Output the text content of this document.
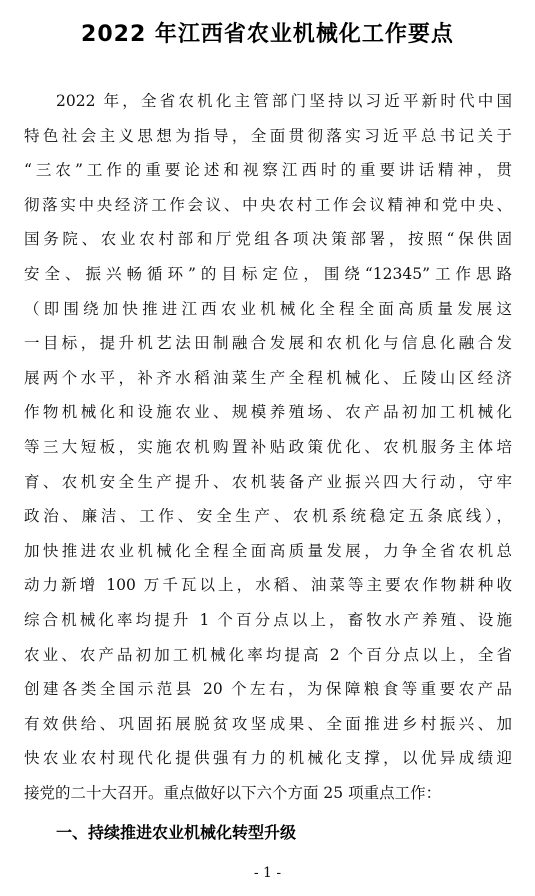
2022 年江西省农业机械化工作要点
2022 年，全省农机化主管部门坚持以习近平新时代中国
特色社会主义思想为指导，全面贯彻落实习近平总书记关于
“三农”工作的重要论述和视察江西时的重要讲话精神，贯
彻落实中央经济工作会议、中央农村工作会议精神和党中央、
国务院、农业农村部和厅党组各项决策部署，按照“保供固
安全、振兴畅循环”的目标定位，围绕“12345”工作思路
（即围绕加快推进江西农业机械化全程全面高质量发展这
一目标，提升机艺法田制融合发展和农机化与信息化融合发
展两个水平，补齐水稻油菜生产全程机械化、丘陵山区经济
作物机械化和设施农业、规模养殖场、农产品初加工机械化
等三大短板，实施农机购置补贴政策优化、农机服务主体培
育、农机安全生产提升、农机装备产业振兴四大行动，守牢
政治、廉洁、工作、安全生产、农机系统稳定五条底线），
加快推进农业机械化全程全面高质量发展，力争全省农机总
动力新增 100 万千瓦以上，水稻、油菜等主要农作物耕种收
综合机械化率均提升 1 个百分点以上，畜牧水产养殖、设施
农业、农产品初加工机械化率均提高 2 个百分点以上，全省
创建各类全国示范县 20 个左右，为保障粮食等重要农产品
有效供给、巩固拓展脱贫攻坚成果、全面推进乡村振兴、加
快农业农村现代化提供强有力的机械化支撑，以优异成绩迎
接党的二十大召开。重点做好以下六个方面 25 项重点工作：
一、持续推进农业机械化转型升级
- 1 -
